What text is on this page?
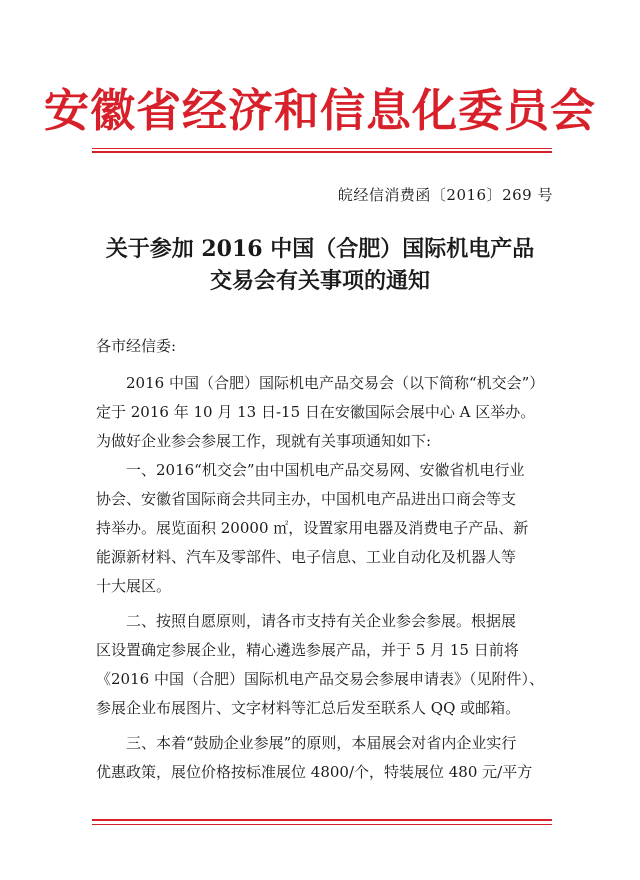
安徽省经济和信息化委员会
皖经信消费函〔2016〕269 号
关于参加 2016 中国（合肥）国际机电产品
交易会有关事项的通知
各市经信委:
2016 中国（合肥）国际机电产品交易会（以下简称“机交会”）
定于 2016 年 10 月 13 日-15 日在安徽国际会展中心 A 区举办。
为做好企业参会参展工作，现就有关事项通知如下:
一、2016“机交会”由中国机电产品交易网、安徽省机电行业
协会、安徽省国际商会共同主办，中国机电产品进出口商会等支
持举办。展览面积 20000 ㎡，设置家用电器及消费电子产品、新
能源新材料、汽车及零部件、电子信息、工业自动化及机器人等
十大展区。
二、按照自愿原则，请各市支持有关企业参会参展。根据展
区设置确定参展企业，精心遴选参展产品，并于 5 月 15 日前将
《2016 中国（合肥）国际机电产品交易会参展申请表》（见附件）、
参展企业布展图片、文字材料等汇总后发至联系人 QQ 或邮箱。
三、本着“鼓励企业参展”的原则，本届展会对省内企业实行
优惠政策，展位价格按标准展位 4800/个，特装展位 480 元/平方
